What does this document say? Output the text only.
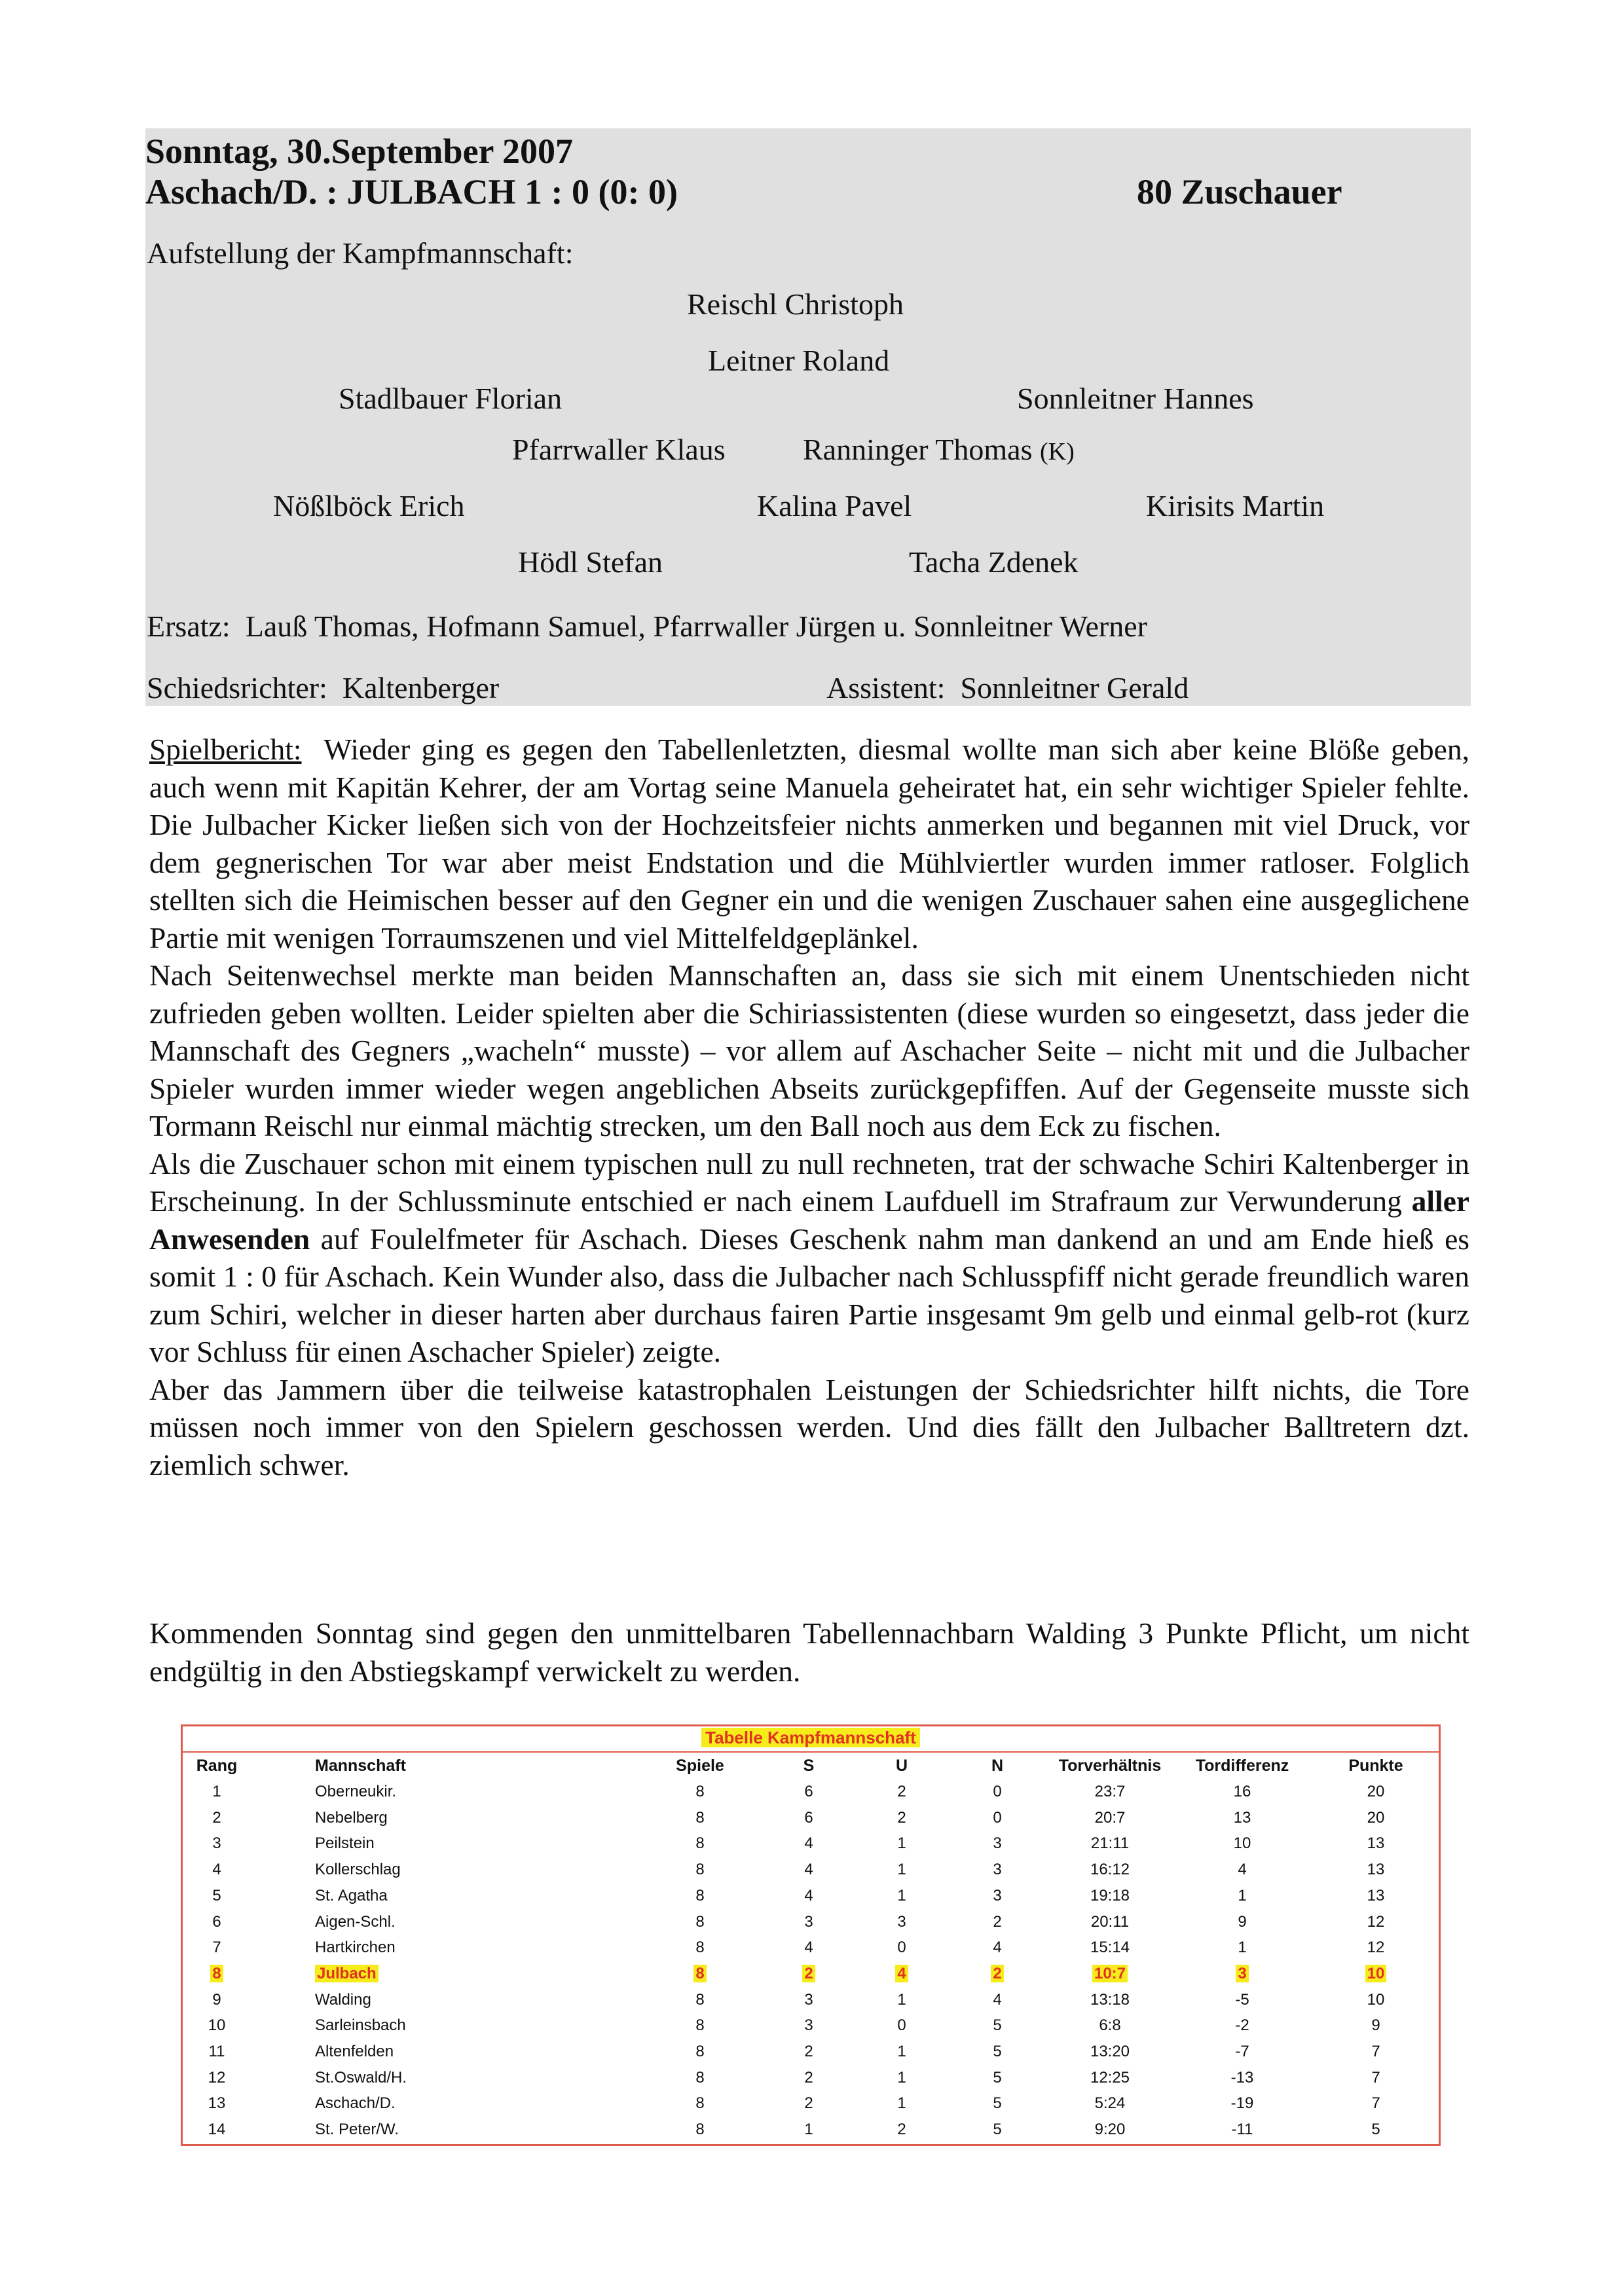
Sonntag, 30.September 2007
Aschach/D. : JULBACH 1 : 0 (0: 0)	80 Zuschauer
Aufstellung der Kampfmannschaft:
Reischl Christoph
Leitner Roland
Stadlbauer Florian	Sonnleitner Hannes
Pfarrwaller Klaus	Ranninger Thomas (K)
Nößlböck Erich	Kalina Pavel	Kirisits Martin
Hödl Stefan	Tacha Zdenek
Ersatz: Lauß Thomas, Hofmann Samuel, Pfarrwaller Jürgen u. Sonnleitner Werner
Schiedsrichter: Kaltenberger	Assistent: Sonnleitner Gerald

Spielbericht: Wieder ging es gegen den Tabellenletzten, diesmal wollte man sich aber keine Blöße geben, auch wenn mit Kapitän Kehrer, der am Vortag seine Manuela geheiratet hat, ein sehr wichtiger Spieler fehlte. Die Julbacher Kicker ließen sich von der Hochzeitsfeier nichts anmerken und begannen mit viel Druck, vor dem gegnerischen Tor war aber meist Endstation und die Mühlviertler wurden immer ratloser. Folglich stellten sich die Heimischen besser auf den Gegner ein und die wenigen Zuschauer sahen eine ausgeglichene Partie mit wenigen Torraumszenen und viel Mittelfeldgeplänkel.

Nach Seitenwechsel merkte man beiden Mannschaften an, dass sie sich mit einem Unentschieden nicht zufrieden geben wollten. Leider spielten aber die Schiriassistenten (diese wurden so eingesetzt, dass jeder die Mannschaft des Gegners „wacheln“ musste) – vor allem auf Aschacher Seite – nicht mit und die Julbacher Spieler wurden immer wieder wegen angeblichen Abseits zurückgepfiffen. Auf der Gegenseite musste sich Tormann Reischl nur einmal mächtig strecken, um den Ball noch aus dem Eck zu fischen.

Als die Zuschauer schon mit einem typischen null zu null rechneten, trat der schwache Schiri Kaltenberger in Erscheinung. In der Schlussminute entschied er nach einem Laufduell im Strafraum zur Verwunderung aller Anwesenden auf Foulelfmeter für Aschach. Dieses Geschenk nahm man dankend an und am Ende hieß es somit 1 : 0 für Aschach. Kein Wunder also, dass die Julbacher nach Schlusspfiff nicht gerade freundlich waren zum Schiri, welcher in dieser harten aber durchaus fairen Partie insgesamt 9m gelb und einmal gelb-rot (kurz vor Schluss für einen Aschacher Spieler) zeigte.

Aber das Jammern über die teilweise katastrophalen Leistungen der Schiedsrichter hilft nichts, die Tore müssen noch immer von den Spielern geschossen werden. Und dies fällt den Julbacher Balltretern dzt. ziemlich schwer.

Kommenden Sonntag sind gegen den unmittelbaren Tabellennachbarn Walding 3 Punkte Pflicht, um nicht endgültig in den Abstiegskampf verwickelt zu werden.

Tabelle Kampfmannschaft
Rang	Mannschaft	Spiele	S	U	N	Torverhältnis	Tordifferenz	Punkte
1	Oberneukir.	8	6	2	0	23:7	16	20
2	Nebelberg	8	6	2	0	20:7	13	20
3	Peilstein	8	4	1	3	21:11	10	13
4	Kollerschlag	8	4	1	3	16:12	4	13
5	St. Agatha	8	4	1	3	19:18	1	13
6	Aigen-Schl.	8	3	3	2	20:11	9	12
7	Hartkirchen	8	4	0	4	15:14	1	12
8	Julbach	8	2	4	2	10:7	3	10
9	Walding	8	3	1	4	13:18	-5	10
10	Sarleinsbach	8	3	0	5	6:8	-2	9
11	Altenfelden	8	2	1	5	13:20	-7	7
12	St.Oswald/H.	8	2	1	5	12:25	-13	7
13	Aschach/D.	8	2	1	5	5:24	-19	7
14	St. Peter/W.	8	1	2	5	9:20	-11	5
